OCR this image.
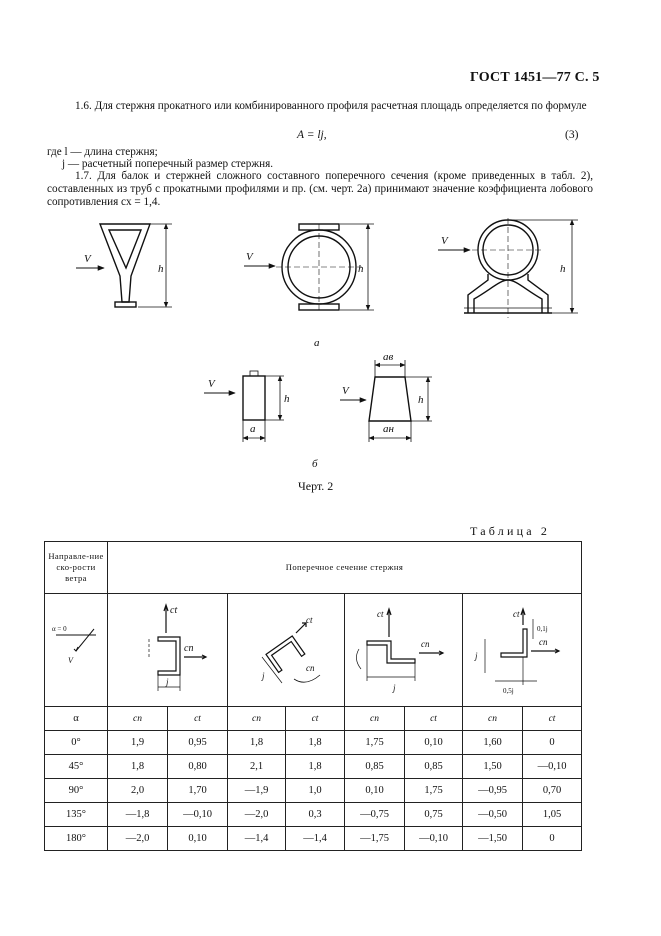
ГОСТ 1451—77 С. 5
1.6. Для стержня прокатного или комбинированного профиля расчетная площадь определяется по формуле
A = lj,	(3)
где l — длина стержня;
j — расчетный поперечный размер стержня.
1.7. Для балок и стержней сложного составного поперечного сечения (кроме приведенных в табл. 2), составленных из труб с прокатными профилями и пр. (см. черт. 2а) принимают значение коэффициента лобового сопротивления cx = 1,4.
V
h
V
h
V
h
а
V
h
a
V
aв
h
aн
б
Черт. 2
Таблица 2
Направле-ние ско-рости ветра	Поперечное сечение стержня							

α = 0
V	ct
cn
j		ct
cn
j		ct
cn
j		ct
cn
j
0,1j
0,5j	

α	cn	ct	cn	ct	cn	ct	cn	ct
0°	1,9	0,95	1,8	1,8	1,75	0,10	1,60	0
45°	1,8	0,80	2,1	1,8	0,85	0,85	1,50	—0,10
90°	2,0	1,70	—1,9	1,0	0,10	1,75	—0,95	0,70
135°	—1,8	—0,10	—2,0	0,3	—0,75	0,75	—0,50	1,05
180°	—2,0	0,10	—1,4	—1,4	—1,75	—0,10	—1,50	0
